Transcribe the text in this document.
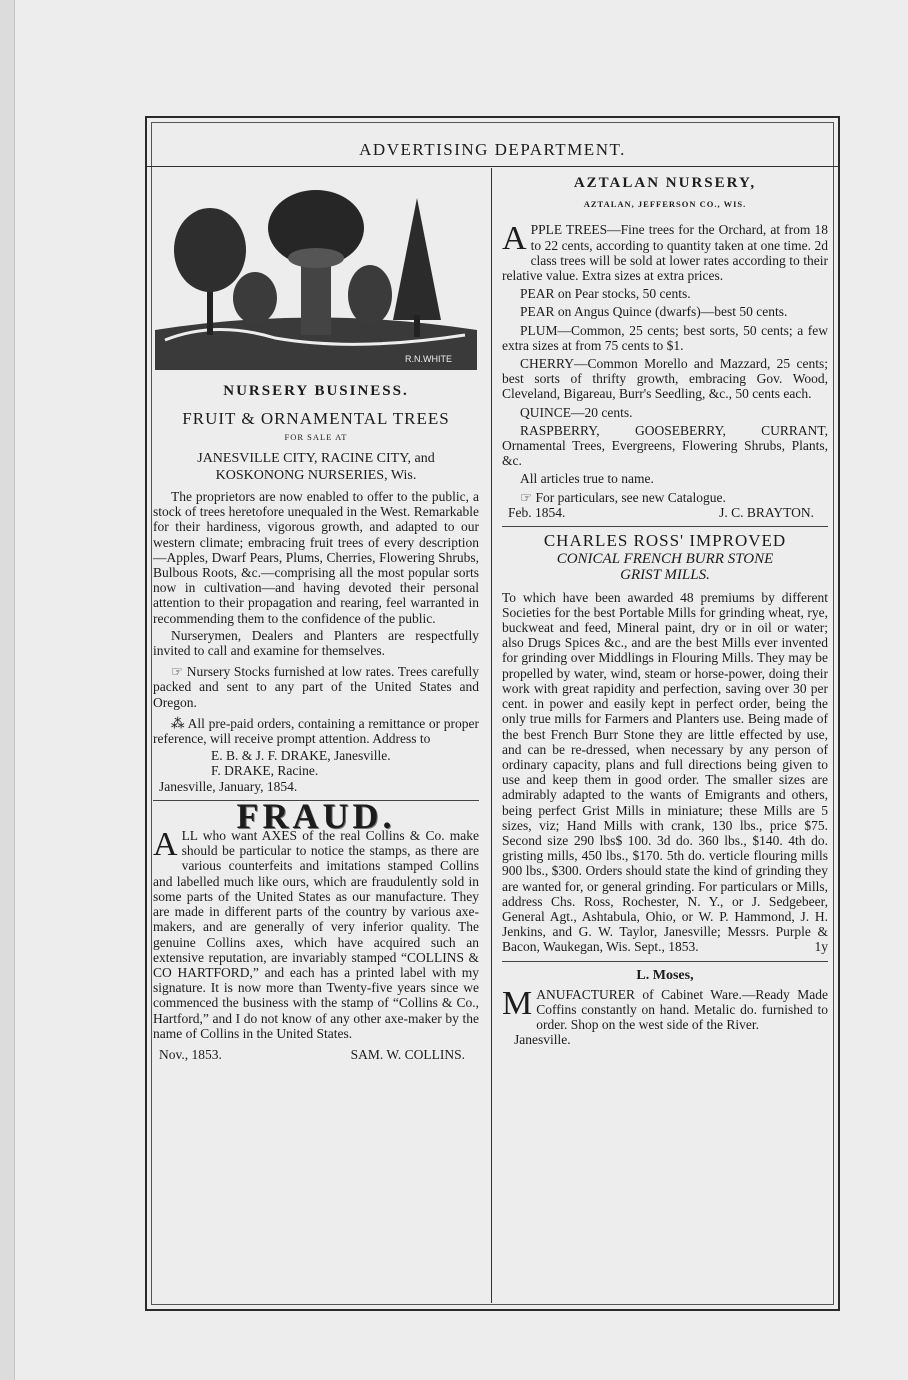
ADVERTISING DEPARTMENT.
R.N.WHITE

NURSERY BUSINESS.

FRUIT & ORNAMENTAL TREES

FOR SALE AT

JANESVILLE CITY, RACINE CITY, and

KOSKONONG NURSERIES, Wis.

The proprietors are now enabled to offer to the public, a stock of trees heretofore unequaled in the West. Remarkable for their hardiness, vigorous growth, and adapted to our western climate; embracing fruit trees of every description—Apples, Dwarf Pears, Plums, Cherries, Flowering Shrubs, Bulbous Roots, &c.—comprising all the most popular sorts now in cultivation—and having devoted their personal attention to their propagation and rearing, feel warranted in recommending them to the confidence of the public.

Nurserymen, Dealers and Planters are respectfully invited to call and examine for themselves.

☞ Nursery Stocks furnished at low rates. Trees carefully packed and sent to any part of the United States and Oregon.

⁂ All pre-paid orders, containing a remittance or proper reference, will receive prompt attention. Address to

E. B. & J. F. DRAKE, Janesville.

F. DRAKE, Racine.

Janesville, January, 1854.

FRAUD.

ALL who want AXES of the real Collins & Co. make should be particular to notice the stamps, as there are various counterfeits and imitations stamped Collins and labelled much like ours, which are fraudulently sold in some parts of the United States as our manufacture. They are made in different parts of the country by various axe-makers, and are generally of very inferior quality. The genuine Collins axes, which have acquired such an extensive reputation, are invariably stamped “COLLINS & CO HARTFORD,” and each has a printed label with my signature. It is now more than Twenty-five years since we commenced the business with the stamp of “Collins & Co., Hartford,” and I do not know of any other axe-maker by the name of Collins in the United States.

Nov., 1853.	SAM. W. COLLINS.

AZTALAN NURSERY,

AZTALAN, JEFFERSON CO., WIS.

APPLE TREES—Fine trees for the Orchard, at from 18 to 22 cents, according to quantity taken at one time. 2d class trees will be sold at lower rates according to their relative value. Extra sizes at extra prices.

PEAR on Pear stocks, 50 cents.

PEAR on Angus Quince (dwarfs)—best 50 cents.

PLUM—Common, 25 cents; best sorts, 50 cents; a few extra sizes at from 75 cents to $1.

CHERRY—Common Morello and Mazzard, 25 cents; best sorts of thrifty growth, embracing Gov. Wood, Cleveland, Bigareau, Burr's Seedling, &c., 50 cents each.

QUINCE—20 cents.

RASPBERRY, GOOSEBERRY, CURRANT, Ornamental Trees, Evergreens, Flowering Shrubs, Plants, &c.

All articles true to name.

☞ For particulars, see new Catalogue.

Feb. 1854.	J. C. BRAYTON.

CHARLES ROSS' IMPROVED

CONICAL FRENCH BURR STONE

GRIST MILLS.

To which have been awarded 48 premiums by different Societies for the best Portable Mills for grinding wheat, rye, buckweat and feed, Mineral paint, dry or in oil or water; also Drugs Spices &c., and are the best Mills ever invented for grinding over Middlings in Flouring Mills. They may be propelled by water, wind, steam or horse-power, doing their work with great rapidity and perfection, saving over 30 per cent. in power and easily kept in perfect order, being the only true mills for Farmers and Planters use. Being made of the best French Burr Stone they are little effected by use, and can be re-dressed, when necessary by any person of ordinary capacity, plans and full directions being given to use and keep them in good order. The smaller sizes are admirably adapted to the wants of Emigrants and others, being perfect Grist Mills in miniature; these Mills are 5 sizes, viz; Hand Mills with crank, 130 lbs., price $75. Second size 290 lbs$ 100. 3d do. 360 lbs., $140. 4th do. gristing mills, 450 lbs., $170. 5th do. verticle flouring mills 900 lbs., $300. Orders should state the kind of grinding they are wanted for, or general grinding. For particulars or Mills, address Chs. Ross, Rochester, N. Y., or J. Sedgebeer, General Agt., Ashtabula, Ohio, or W. P. Hammond, J. H. Jenkins, and G. W. Taylor, Janesville; Messrs. Purple & Bacon, Waukegan, Wis. Sept., 1853.	1y

L. Moses,

MANUFACTURER of Cabinet Ware.—Ready Made Coffins constantly on hand. Metalic do. furnished to order. Shop on the west side of the River.

Janesville.
